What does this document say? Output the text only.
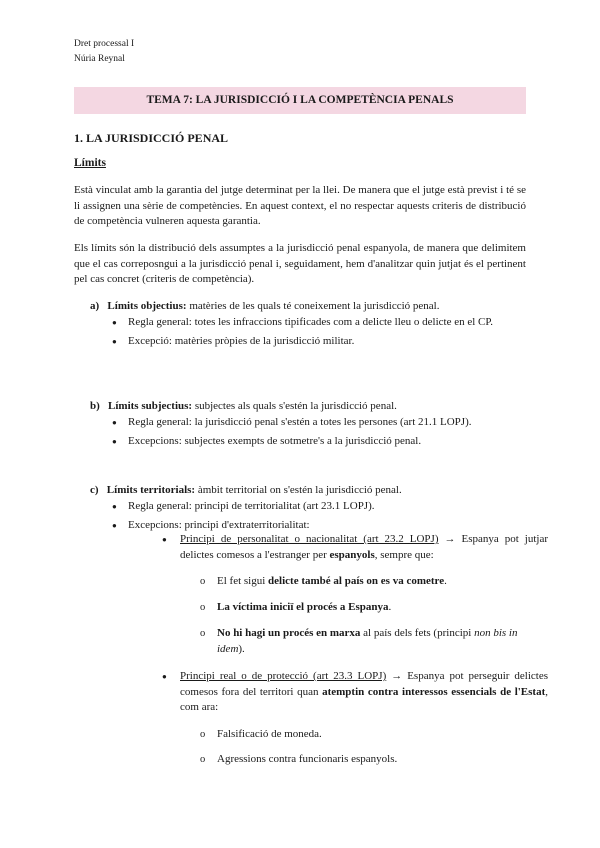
Dret processal I
Núria Reynal
TEMA 7: LA JURISDICCIÓ I LA COMPETÈNCIA PENALS
1. LA JURISDICCIÓ PENAL
Límits
Està vinculat amb la garantia del jutge determinat per la llei. De manera que el jutge està previst i té se li assignen una sèrie de competències. En aquest context, el no respectar aquests criteris de distribució de competència vulneren aquesta garantia.
Els límits són la distribució dels assumptes a la jurisdicció penal espanyola, de manera que delimitem que el cas correposngui a la jurisdicció penal i, seguidament, hem d'analitzar quin jutjat és el pertinent pel cas concret (criteris de competència).
a) Límits objectius: matèries de les quals té coneixement la jurisdicció penal.
● Regla general: totes les infraccions tipificades com a delicte lleu o delicte en el CP.
● Excepció: matèries pròpies de la jurisdicció militar.
b) Límits subjectius: subjectes als quals s'estén la jurisdicció penal.
● Regla general: la jurisdicció penal s'estén a totes les persones (art 21.1 LOPJ).
● Excepcions: subjectes exempts de sotmetre's a la jurisdicció penal.
c) Límits territorials: àmbit territorial on s'estén la jurisdicció penal.
● Regla general: principi de territorialitat (art 23.1 LOPJ).
● Excepcions: principi d'extraterritorialitat:
● Principi de personalitat o nacionalitat (art 23.2 LOPJ) → Espanya pot jutjar delictes comesos a l'estranger per espanyols, sempre que:
o El fet sigui delicte també al país on es va cometre.
o La víctima iniciï el procés a Espanya.
o No hi hagi un procés en marxa al país dels fets (principi non bis in idem).
● Principi real o de protecció (art 23.3 LOPJ) → Espanya pot perseguir delictes comesos fora del territori quan atemptin contra interessos essencials de l'Estat, com ara:
o Falsificació de moneda.
o Agressions contra funcionaris espanyols.
